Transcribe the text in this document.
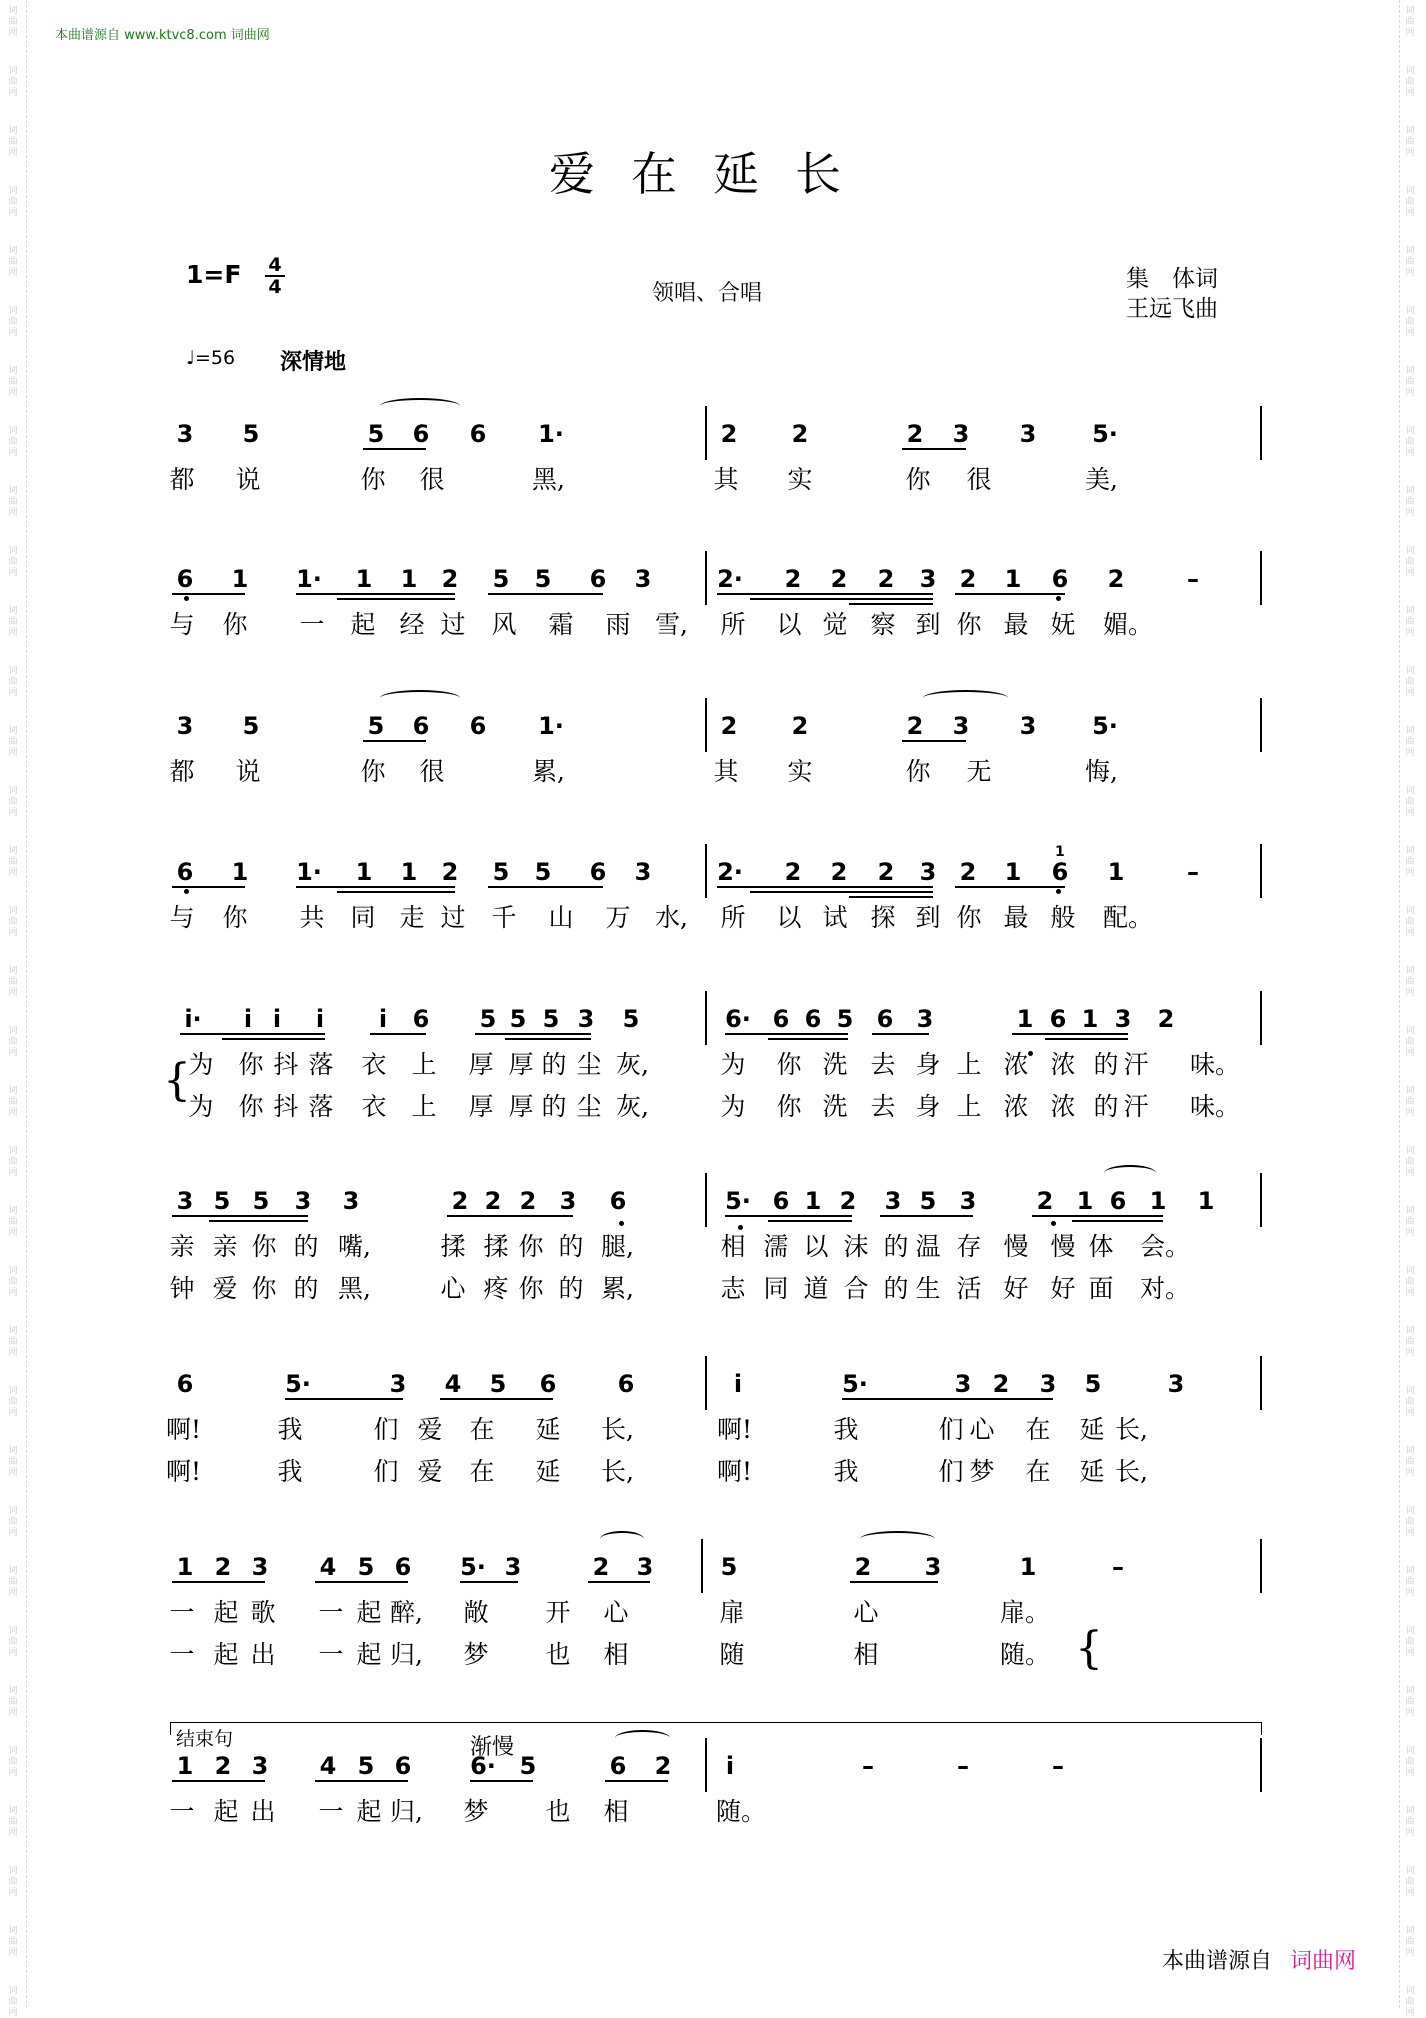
词
曲
网
词
曲
网
词
曲
网
词
曲
网
词
曲
网
词
曲
网
词
曲
网
词
曲
网
词
曲
网
词
曲
网
词
曲
网
词
曲
网
词
曲
网
词
曲
网
词
曲
网
词
曲
网
词
曲
网
词
曲
网
词
曲
网
词
曲
网
词
曲
网
词
曲
网
词
曲
网
词
曲
网
词
曲
网
词
曲
网
词
曲
网
词
曲
网
词
曲
网
词
曲
网
词
曲
网
词
曲
网
词
曲
网
词
曲
网
词
曲
网
词
曲
网
词
曲
网
词
曲
网
词
曲
网
词
曲
网
词
曲
网
词
曲
网
词
曲
网
词
曲
网
词
曲
网
词
曲
网
词
曲
网
词
曲
网
词
曲
网
词
曲
网
词
曲
网
词
曲
网
词
曲
网
词
曲
网
词
曲
网
词
曲
网
词
曲
网
词
曲
网
词
曲
网
词
曲
网
词
曲
网
词
曲
网
词
曲
网
词
曲
网
词
曲
网
词
曲
网
词
曲
网
词
曲
网
本曲谱源自 www.ktvc8.com 词曲网
爱在延长
1=F 4
4	领唱、合唱
集　体词
王远飞曲
♩=56 深情地
3 5	5 6 6 1·	2 2	2 3 3 5·
都 说	你 很	黑,	其 实	你 很	美,
6 1 1· 1 1 2 5 5 6 3	2· 2 2 2 3 2 1 6 2	–
与 你 一 起 经 过 风 霜 雨 雪, 所 以 觉 察 到 你 最 妩 媚。
3 5	5 6 6 1·	2 2	2 3 3 5·
都 说	你 很	累,	其 实	你 无	悔,
6 1 1· 1 1 2 5 5 6 3	2· 2 2 2 3 2 1 6 1	–
与 你 共 同 走 过 千 山 万 水, 所 以 试 探 到 你 最 般 配。
1
i·	i i	i	i	6 5 5 5 3 5	6· 6 6 5 6 3	1 6 1 3 2
为 你 抖 落 衣 上 厚 厚 的 尘 灰,	为 你 洗 去 身 上 浓 浓 的 汗 味。
为 你 抖 落 衣 上 厚 厚 的 尘 灰,	为 你 洗 去 身 上 浓 浓 的 汗 味。
3 5 5 3 3	2 2 2 3 6	5· 6 1 2 3 5 3	2 1 6 1 1
亲 亲 你 的 嘴,	揉 揉 你 的 腿,	相 濡 以 沫 的 温 存 慢 慢 体 会。
钟 爱 你 的 黑,	心 疼 你 的 累,	志 同 道 合 的 生 活 好 好 面 对。
6	5·	3 4 5 6	6	i	5·	3 2 3 5	3
啊!	我	们 爱 在 延 长,	啊!	我	们 心 在 延 长,
啊!	我	们 爱 在 延 长,	啊!	我	们 梦 在 延 长,
1 2 3 4 5 6 5· 3	2 3	5	2 3	1	–
一 起 歌 一 起 醉, 敞 开 心	扉	心	扉。
一 起 出 一 起 归, 梦 也 相	随	相	随。
1 2 3 4 5 6 6· 5	6 2	i	–	–	–
一 起 出 一 起 归, 梦 也 相	随。
{
{
结束句	渐慢
本曲谱源自 词曲网
